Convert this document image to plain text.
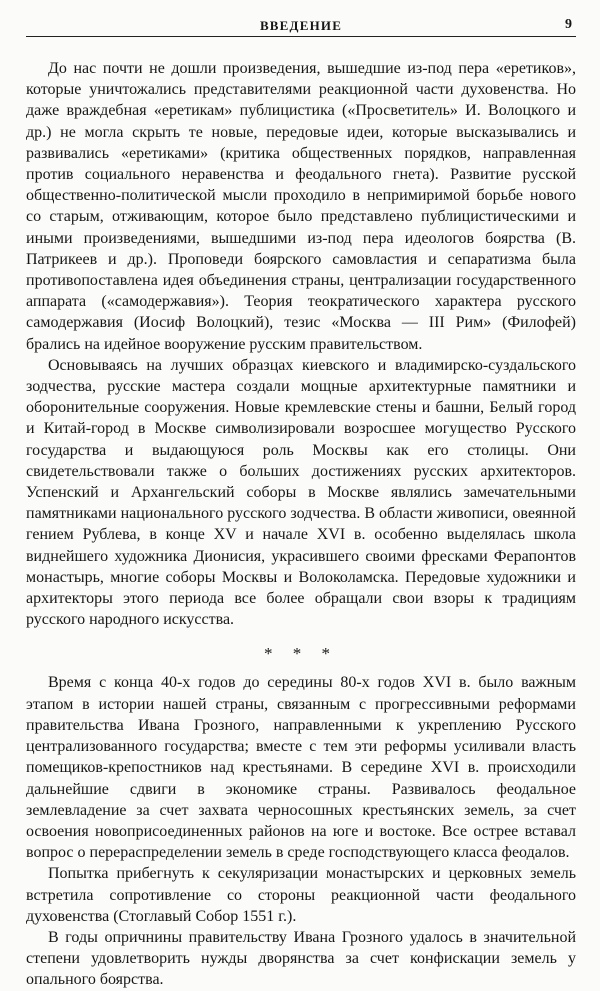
ВВЕДЕНИЕ	9

До нас почти не дошли произведения, вышедшие из-под пера «еретиков», которые уничтожались представителями реакционной части духовенства. Но даже враждебная «еретикам» публицистика («Просветитель» И. Волоцкого и др.) не могла скрыть те новые, передовые идеи, которые высказывались и развивались «еретиками» (критика общественных порядков, направленная против социального неравенства и феодального гнета). Развитие русской общественно-политической мысли проходило в непримиримой борьбе нового со старым, отживающим, которое было представлено публицистическими и иными произведениями, вышедшими из-под пера идеологов боярства (В. Патрикеев и др.). Проповеди боярского самовластия и сепаратизма была противопоставлена идея объединения страны, централизации государственного аппарата («самодержавия»). Теория теократического характера русского самодержавия (Иосиф Волоцкий), тезис «Москва — III Рим» (Филофей) брались на идейное вооружение русским правительством.

Основываясь на лучших образцах киевского и владимирско-суздальского зодчества, русские мастера создали мощные архитектурные памятники и оборонительные сооружения. Новые кремлевские стены и башни, Белый город и Китай-город в Москве символизировали возросшее могущество Русского государства и выдающуюся роль Москвы как его столицы. Они свидетельствовали также о больших достижениях русских архитекторов. Успенский и Архангельский соборы в Москве являлись замечательными памятниками национального русского зодчества. В области живописи, овеянной гением Рублева, в конце XV и начале XVI в. особенно выделялась школа виднейшего художника Дионисия, украсившего своими фресками Ферапонтов монастырь, многие соборы Москвы и Волоколамска. Передовые художники и архитекторы этого периода все более обращали свои взоры к традициям русского народного искусства.

* * *

Время с конца 40-х годов до середины 80-х годов XVI в. было важным этапом в истории нашей страны, связанным с прогрессивными реформами правительства Ивана Грозного, направленными к укреплению Русского централизованного государства; вместе с тем эти реформы усиливали власть помещиков-крепостников над крестьянами. В середине XVI в. происходили дальнейшие сдвиги в экономике страны. Развивалось феодальное землевладение за счет захвата черносошных крестьянских земель, за счет освоения новоприсоединенных районов на юге и востоке. Все острее вставал вопрос о перераспределении земель в среде господствующего класса феодалов.

Попытка прибегнуть к секуляризации монастырских и церковных земель встретила сопротивление со стороны реакционной части феодального духовенства (Стоглавый Собор 1551 г.).

В годы опричнины правительству Ивана Грозного удалось в значительной степени удовлетворить нужды дворянства за счет конфискации земель у опального боярства.
